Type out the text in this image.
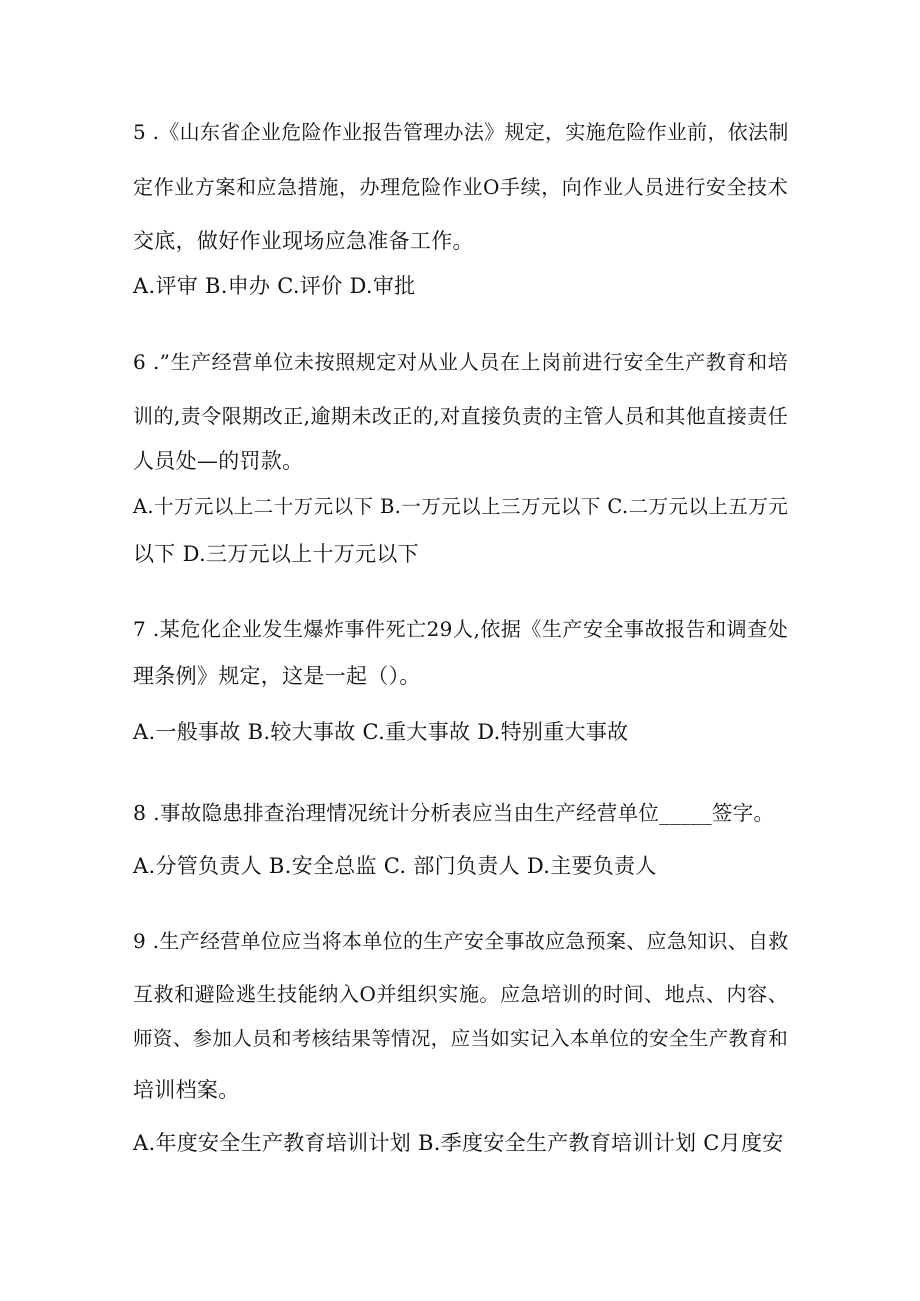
5 .《山东省企业危险作业报告管理办法》规定，实施危险作业前，依法制
定作业方案和应急措施，办理危险作业O手续，向作业人员进行安全技术
交底，做好作业现场应急准备工作。
A.评审 B.申办 C.评价 D.审批
6 .”生产经营单位未按照规定对从业人员在上岗前进行安全生产教育和培
训的,责令限期改正,逾期未改正的,对直接负责的主管人员和其他直接责任
人员处—的罚款。
A.十万元以上二十万元以下 B.一万元以上三万元以下 C.二万元以上五万元
以下 D.三万元以上十万元以下
7 .某危化企业发生爆炸事件死亡29人,依据《生产安全事故报告和调查处
理条例》规定，这是一起（）。
A.一般事故 B.较大事故 C.重大事故 D.特别重大事故
8 .事故隐患排查治理情况统计分析表应当由生产经营单位_____签字。
A.分管负责人 B.安全总监 C. 部门负责人 D.主要负责人
9 .生产经营单位应当将本单位的生产安全事故应急预案、应急知识、自救
互救和避险逃生技能纳入O并组织实施。应急培训的时间、地点、内容、
师资、参加人员和考核结果等情况，应当如实记入本单位的安全生产教育和
培训档案。
A.年度安全生产教育培训计划 B.季度安全生产教育培训计划 C月度安
